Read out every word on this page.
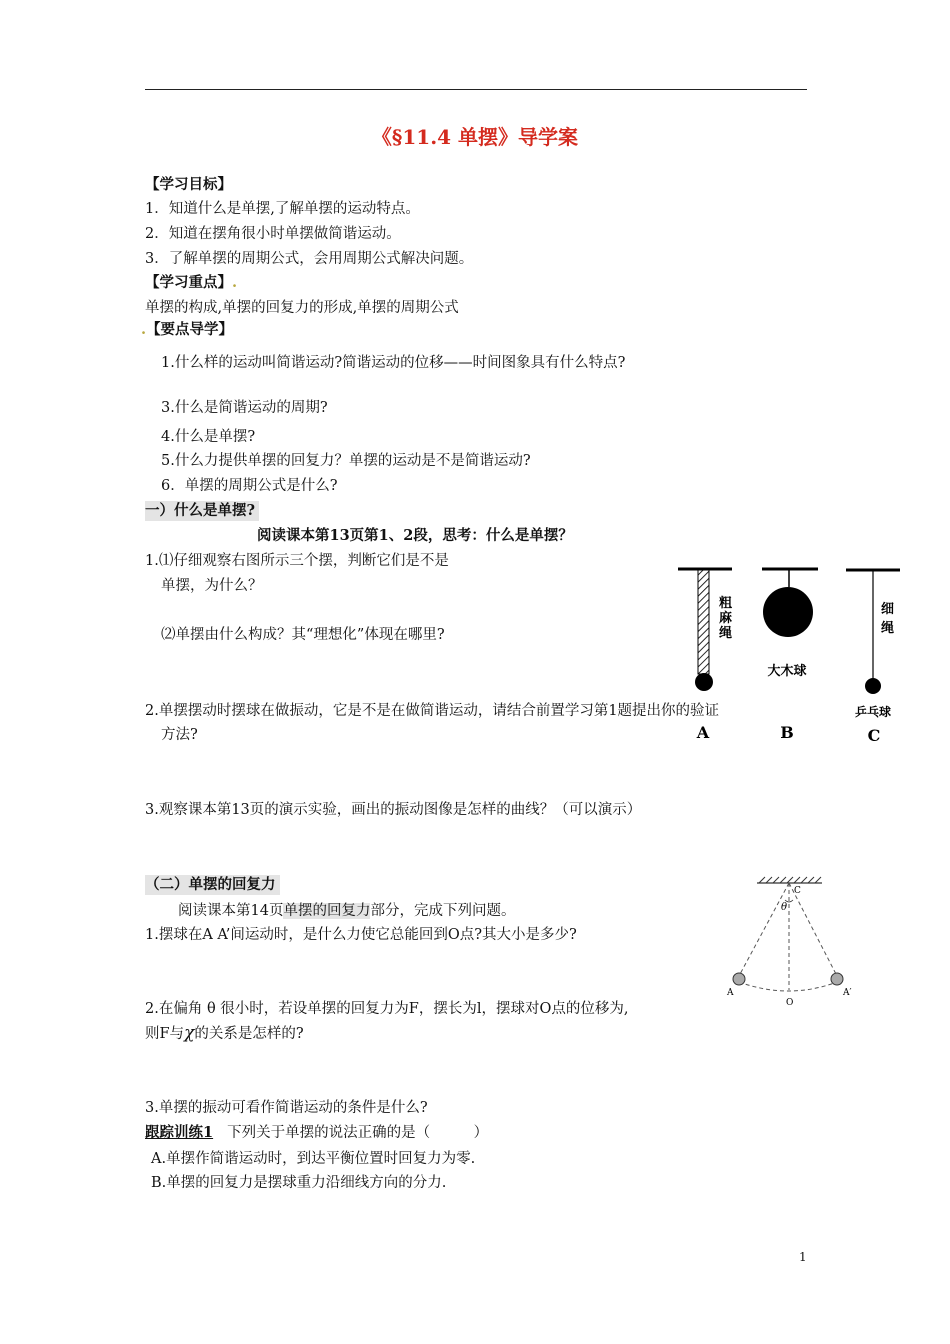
《§11.4 单摆》导学案
【学习目标】
1．知道什么是单摆,了解单摆的运动特点。
2．知道在摆角很小时单摆做简谐运动。
3．了解单摆的周期公式，会用周期公式解决问题。
【学习重点】.
单摆的构成,单摆的回复力的形成,单摆的周期公式
.【要点导学】
1.什么样的运动叫简谐运动?简谐运动的位移——时间图象具有什么特点?
3.什么是简谐运动的周期?
4.什么是单摆?
5.什么力提供单摆的回复力？单摆的运动是不是简谐运动?
6．单摆的周期公式是什么?
一）什么是单摆?
阅读课本第13页第1、2段，思考：什么是单摆？
1.⑴仔细观察右图所示三个摆，判断它们是不是
单摆，为什么？
⑵单摆由什么构成？其“理想化”体现在哪里?
2.单摆摆动时摆球在做振动，它是不是在做简谐运动，请结合前置学习第1题提出你的验证
方法?
3.观察课本第13页的演示实验，画出的振动图像是怎样的曲线？（可以演示）
粗
麻
绳
A
大木球
B
细
绳
乒乓球
C
（二）单摆的回复力
阅读课本第14页单摆的回复力部分，完成下列问题。
1.摆球在A A’间运动时，是什么力使它总能回到O点?其大小是多少?
2.在偏角 θ 很小时，若设单摆的回复力为F，摆长为l，摆球对O点的位移为,
则F与χ的关系是怎样的?
3.单摆的振动可看作简谐运动的条件是什么?
C
θ
A
O
A′
跟踪训练1 下列关于单摆的说法正确的是（　　　）
A.单摆作简谐运动时，到达平衡位置时回复力为零.
B.单摆的回复力是摆球重力沿细线方向的分力.
1
